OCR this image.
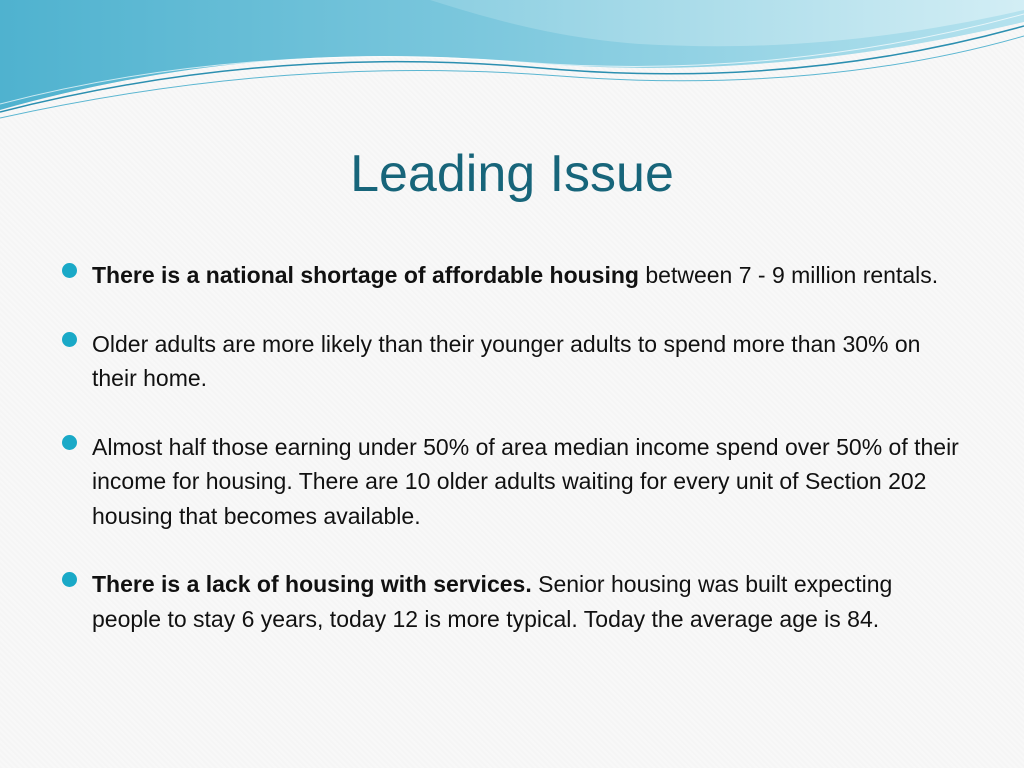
Leading Issue
There is a national shortage of affordable housing between 7 - 9 million rentals.
Older adults are more likely than their younger adults to spend more than 30% on their home.
Almost half those earning under 50% of area median income spend over 50% of their income for housing. There are 10 older adults waiting for every unit of Section 202 housing that becomes available.
There is a lack of housing with services. Senior housing was built expecting people to stay 6 years, today 12 is more typical. Today the average age is 84.
